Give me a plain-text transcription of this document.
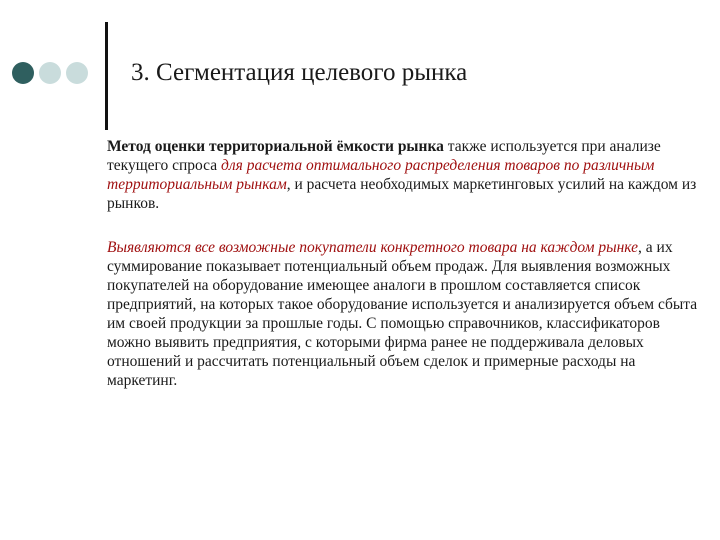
3. Сегментация целевого рынка
Метод оценки территориальной ёмкости рынка также используется при анализе текущего спроса для расчета оптимального распределения товаров по различным территориальным рынкам, и расчета необходимых маркетинговых усилий на каждом из рынков.
Выявляются все возможные покупатели конкретного товара на каждом рынке, а их суммирование показывает потенциальный объем продаж. Для выявления возможных покупателей на оборудование имеющее аналоги в прошлом составляется список предприятий, на которых такое оборудование используется и анализируется объем сбыта им своей продукции за прошлые годы. С помощью справочников, классификаторов можно выявить предприятия, с которыми фирма ранее не поддерживала деловых отношений и рассчитать потенциальный объем сделок и примерные расходы на маркетинг.
